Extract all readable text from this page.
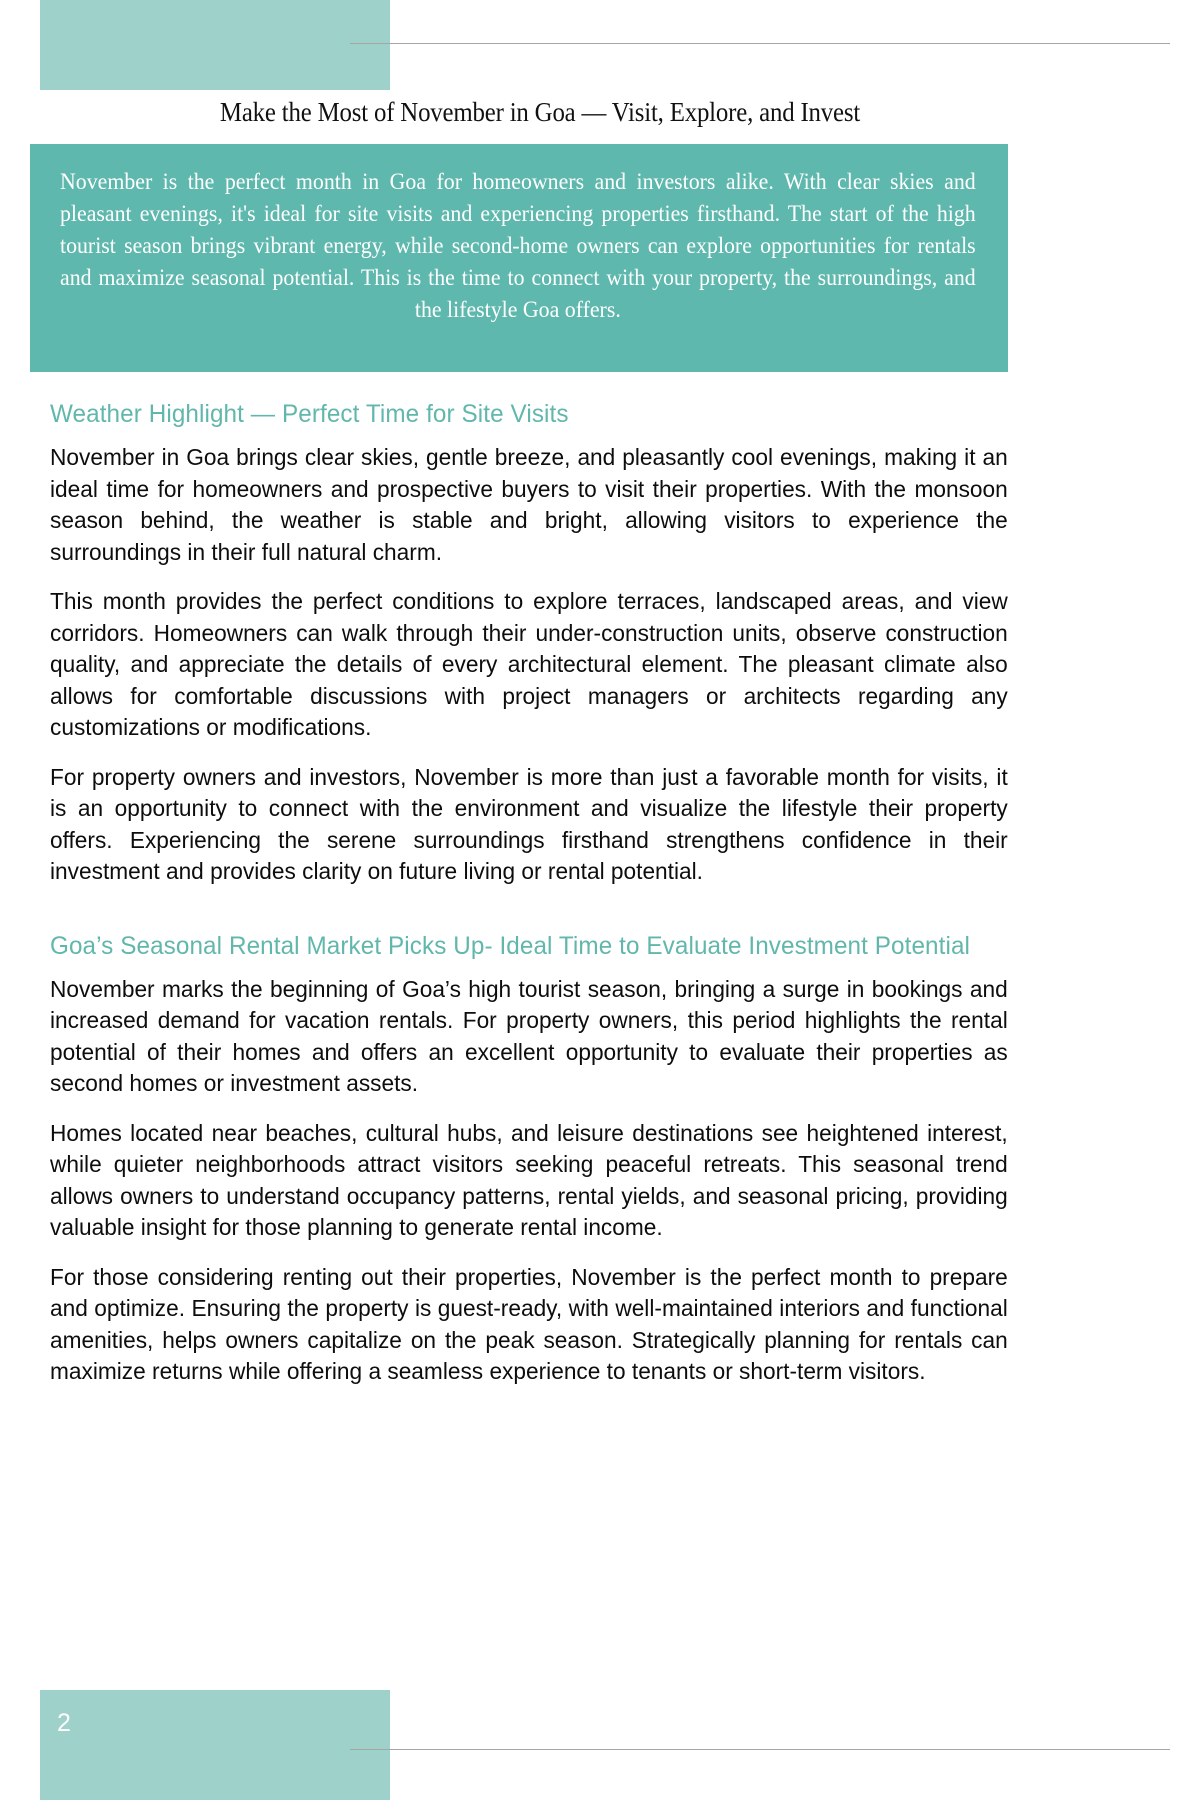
Make the Most of November in Goa — Visit, Explore, and Invest
November is the perfect month in Goa for homeowners and investors alike. With clear skies and pleasant evenings, it's ideal for site visits and experiencing properties firsthand. The start of the high tourist season brings vibrant energy, while second-home owners can explore opportunities for rentals and maximize seasonal potential. This is the time to connect with your property, the surroundings, and the lifestyle Goa offers.
Weather Highlight — Perfect Time for Site Visits

November in Goa brings clear skies, gentle breeze, and pleasantly cool evenings, making it an ideal time for homeowners and prospective buyers to visit their properties. With the monsoon season behind, the weather is stable and bright, allowing visitors to experience the surroundings in their full natural charm.

This month provides the perfect conditions to explore terraces, landscaped areas, and view corridors. Homeowners can walk through their under-construction units, observe construction quality, and appreciate the details of every architectural element. The pleasant climate also allows for comfortable discussions with project managers or architects regarding any customizations or modifications.

For property owners and investors, November is more than just a favorable month for visits, it is an opportunity to connect with the environment and visualize the lifestyle their property offers. Experiencing the serene surroundings firsthand strengthens confidence in their investment and provides clarity on future living or rental potential.

Goa’s Seasonal Rental Market Picks Up- Ideal Time to Evaluate Investment Potential

November marks the beginning of Goa’s high tourist season, bringing a surge in bookings and increased demand for vacation rentals. For property owners, this period highlights the rental potential of their homes and offers an excellent opportunity to evaluate their properties as second homes or investment assets.

Homes located near beaches, cultural hubs, and leisure destinations see heightened interest, while quieter neighborhoods attract visitors seeking peaceful retreats. This seasonal trend allows owners to understand occupancy patterns, rental yields, and seasonal pricing, providing valuable insight for those planning to generate rental income.

For those considering renting out their properties, November is the perfect month to prepare and optimize. Ensuring the property is guest-ready, with well-maintained interiors and functional amenities, helps owners capitalize on the peak season. Strategically planning for rentals can maximize returns while offering a seamless experience to tenants or short-term visitors.

2
